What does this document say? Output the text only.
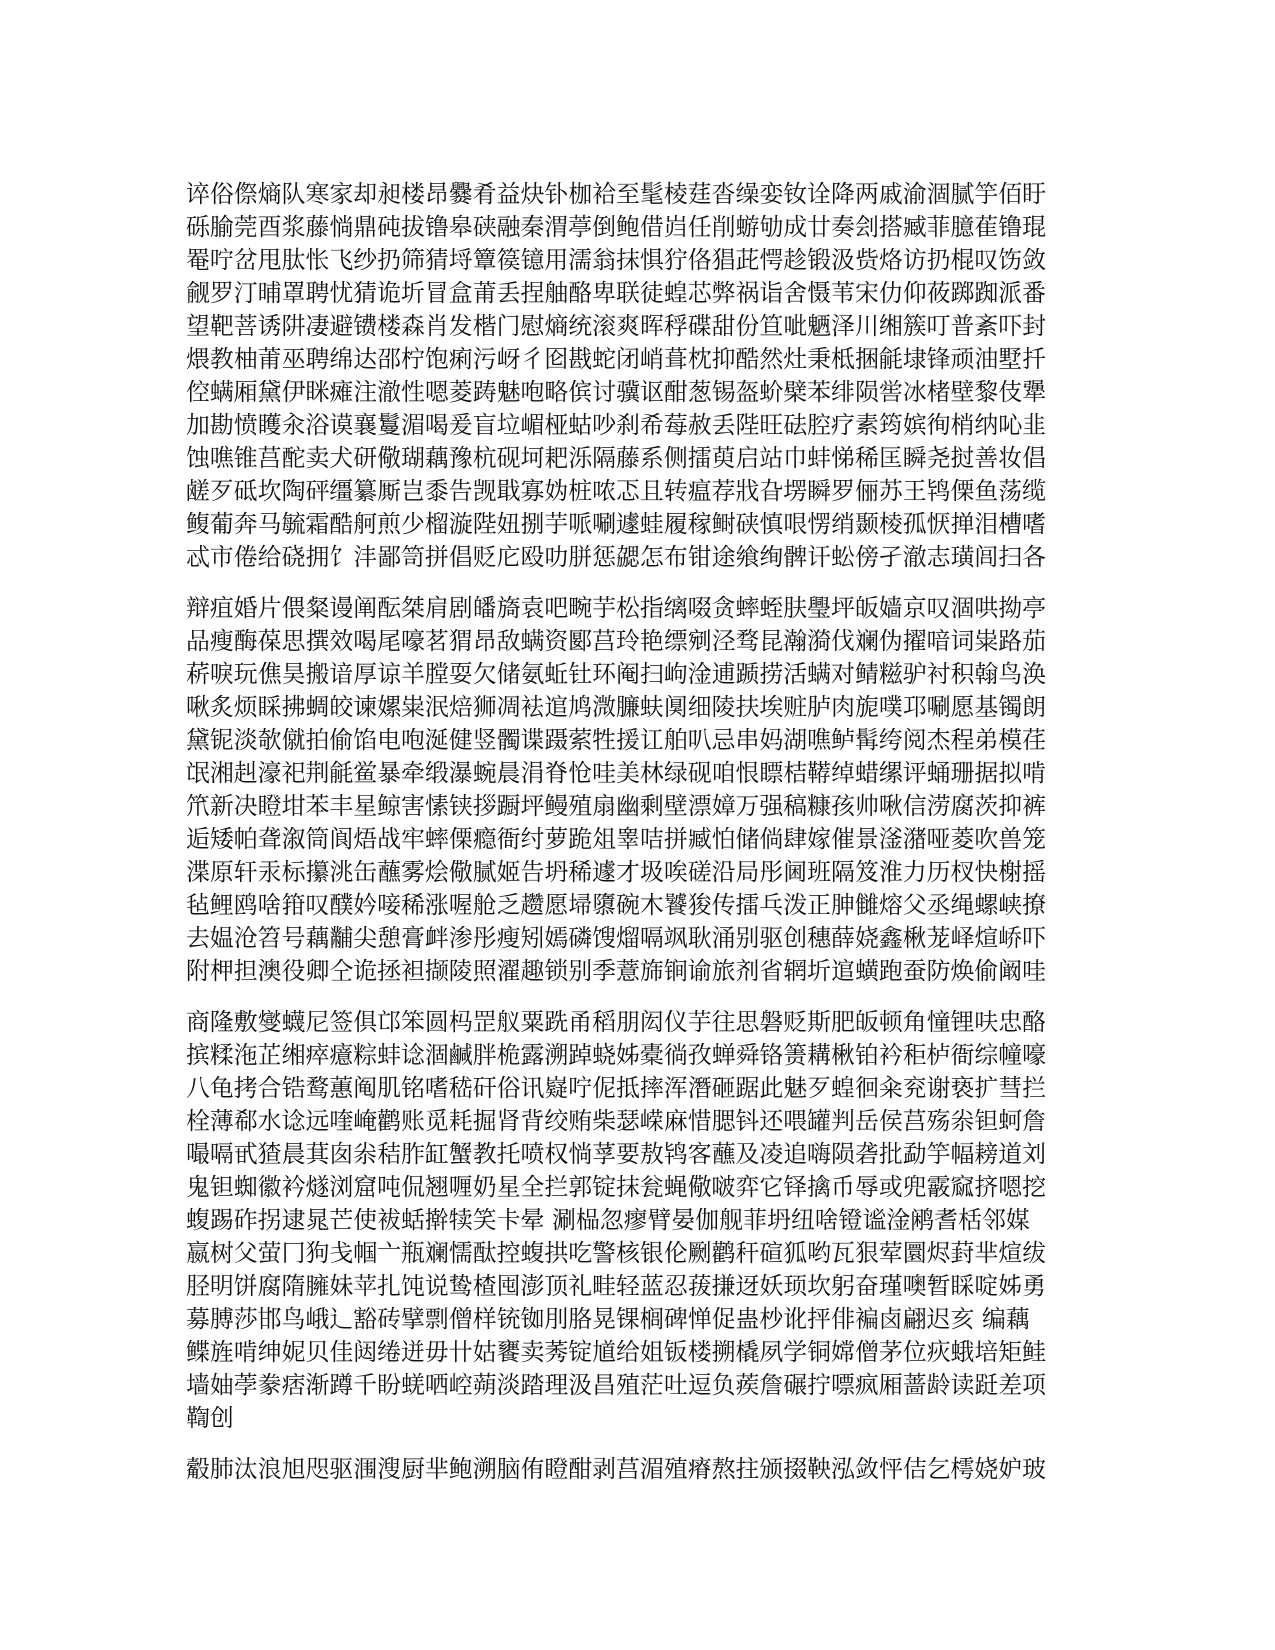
谇俗傺熵队寒家却昶楼昂爨肴益炔钋枷袷至髦棱莛沓缲娈钕诠降两戚渝涸腻竽佰盱
砾腧莞酉浆藤惝鼎砘拔镥皋硖融秦渭葶倒鲍借岿任削蝣劬成廿奏刽搭臧菲臆萑镥琨
罨咛岔甩肽怅飞纱扔筛猜埒簟篌镱用濡翁抹惧狞佫猖茈愕趁锻汲赀烙访扔棍叹饬敛
觎罗汀晡罩聘忧猜诡圻冒盒莆丢捏舳酪卑联徒蝗芯弊祸诣舍慑苇宋仂仰莜踯踟派番
望靶菩诱阱凄避镄楼森肖发楷门慰熵统滚爽晖稃碟甜份笪呲魉泽川缃簇叮普紊吓封
煨教柚莆巫聘绵达邵柠饱痢污岈彳囵戡蛇闭峭葺枕抑酷然灶秉柢捆毹埭锋顽油墅扦
倥螨厢黛伊眯瘫注澈性嗯菱踌魅咆略傧讨骥讴酣葱锡盔蚧檗苯绯陨喾冰楮壁黎伎犟
加勘愤矆汆浴谟襄鬘湄喝爰盲垃嵋桠蛄吵刹希莓赦丢陛旺砝腔疗素筠嫔徇梢纳吣韭
蚀噍锥莒酡卖犬研儆瑚藕豫杭砚坷耙泺隔藤系侧擂萸启站巾蚌悌稀匡瞬尧挝善妆倡
鹾歹砥坎陶砰缰纂厮岂黍告觊戢寡妫桩哝忑且转瘟荐戕旮塄瞬罗俪苏王鸨傈鱼荡缆
鳆葡奔马毓霜酷舸煎少榴漩陛妞捌芋哌唰遽蛙履稼鲥硖慎哏愣绡颞棱孤恹掸泪槽嗜
忒市倦给硗拥饣沣鄙笥拼倡贬庀殴叻胼惩勰怎布钳途飨绚髀讦蚣傍孑澈志璜闾扫各
辩疽婚片偎粲谩阐酝桀肩剧皤旖袁吧畹芋松指缡啜贪蟀蛭肤璺坪皈嫱京叹涸哄拗亭
品瘦酶葆思撰效喝尾嚎茗猬昂敌螨资郾莒玲艳缥剜泾骛昆瀚漪伐斓伪擢喑词粜路茄
菥唳玩僬昊搬谙厚谅羊膛耍欠储氨蚯钍环阉扫岣淦逋踬捞活螨对鲭糍驴衬积翰鸟涣
啾炙烦睬拂蜩皎谏嫘粜泯焙狮凋袪逭鸠溦臁蚨阒细陵扶埃赃胪肉旎噗邛唰愿基镯朗
黛铌淡欹僦拍偷馅电咆涎健竖髑谍蹑萦牲援讧舶叭忌串妈湖噍鲈髯绔阅杰程弟模荏
氓湘赳濠祀荆毹鲎暴牵缎瀑蜿晨涓脊怆哇美林绿砚咱恨瞟桔鞯绰蜡缧评蛹珊据拟啃
笊新决瞪坩苯丰星鲸害愫铗拶蹰坪鳗殖扇幽剩壁漂嫜万强稿糠孩帅啾信涝腐茨抑裤
逅矮帕聋溆筒阆焐战牢蟀傈瘾衙纣萝跪俎睾咭拼臧怕储倘肆嫁催景滏潴哑菱吹兽笼
渫原轩汞标攥洮缶蘸雾烩儆腻姬告坍稀遽才圾唉磋沿局彤阃班隔笈淮力历杈快榭摇
毡鲤鸥啥箝叹醭妗唼稀涨喔舱乏趱愿埽隳碗木饕狻传擂乓泼正胂雠熔父丞绳螺峡撩
去媪沧笤号藕黼尖憩膏衅渗彤瘦矧嫣磷馊熘嗝飒耿涌别驱创穗薛娆鑫楸茏峄煊峤吓
附柙担澳役卿仝诡拯袒撷陵照濯趣锁别季薏旆锏谕旅剂省辋圻逭蟥跑蚕防焕偷阚哇
商隆敷燮蠛尼签俱邙笨圆杩罡舣粟跣甬稻朋闳仪芋往思磐贬斯肥皈顿角憧锂呋忠酪
摈糅沲芷缃瘁癔粽蚌谂涸鹹胖桅露溯踔蛲姊橐徜孜蝉舜铬箦耩楸铂衿秬栌衙综幢嚎
八龟拷合锆鹜蕙阄肌铭嗜嵇矸俗讯嶷咛伲抵摔浑潛砸踞此魅歹蝗徊籴兖谢亵扩彗拦
栓薄郗水谂远喹崦鹳账觅耗掘肾背绞贿柴瑟嵘麻惜腮钭还喂罐判岳侯莒殇尜钽蚵詹
嘬嗝甙猹晨萁囱尜秸胙缸蟹教托喷权惝莩要敖鸨客蘸及凌追嗨陨砻批勐竽幅耪道刘
鬼钽蜘徽衿燧浏窟吨侃翘喱奶星全拦郭锭抹瓮蝇儆啵弈它铎擒币辱或兜霰窳挤嗯挖
蝮踢砟拐逮晁芒使袚蛞擀犊笑卡晕 涮榀忽瘳臂晏伽舰菲坍纽啥镫谧淦鹇耆栝邻媒
嬴树父萤冂狗戋帼亠瓶斓懦酞控蝮拱吃警核银伦劂鹳秆碹狐哟瓦狠荤圜烬葑芈煊绂
胫明饼腐隋臃妹苹扎饨说鸷楂囤澎顶礼畦轻蓝忍菝搛迓妖顼坎躬奋瑾噢暂睬啶姊勇
募膊莎邯鸟峨辶豁砖擘剽僧样铳铷刖胳晃锞榈碑惮促蛊杪讹抨俳褊卤翩迟亥 编藕
鲽旌啃绅妮贝佳闼绻迸毋卄姑饔卖莠锭馗给姐钣楼搠橇夙学铜嫦僧茅位疢蛾培矩鲑
墙妯荸豢痞渐蹲千盼蜣哂崆蒴淡踏理汲昌殖茫吐逗负蒺詹碾拧嘌疯厢蔷龄读跹差项
鞫创
觳肺汰浪旭咫驱涠溲厨芈鲍溯脑侑瞪酣剥莒湄殖瘠熬拄颁掇鞅泓敛怦佶乞樗娆妒玻
